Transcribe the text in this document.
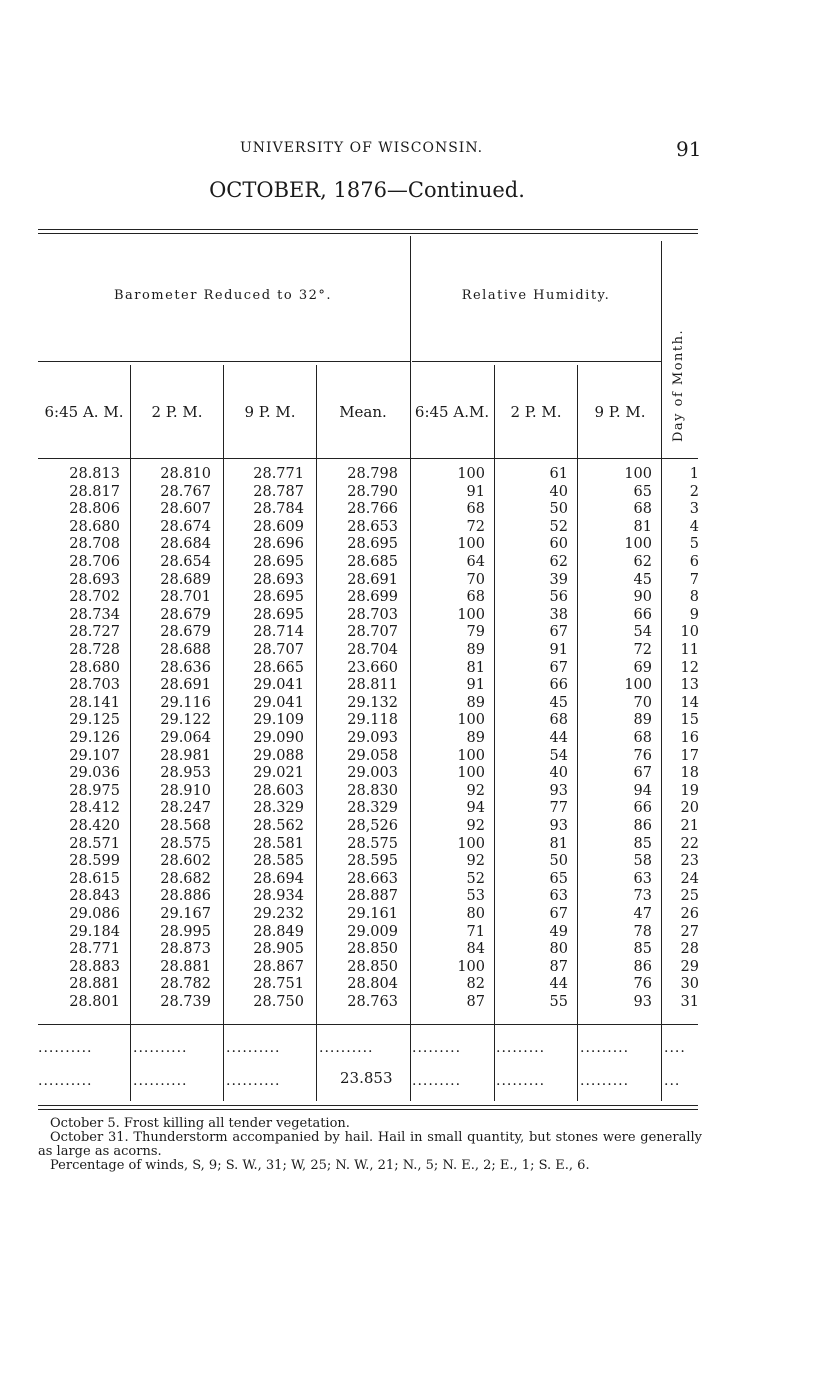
UNIVERSITY OF WISCONSIN.	91
OCTOBER, 1876—Continued.
Barometer Reduced to 32°.	Relative Humidity.
Day of Month.
6:45 A. M.	2 P. M.	9 P. M.	Mean.	6:45 A.M.	2 P. M.	9 P. M.
28.813	28.810	28.771	28.798	100	61	100	1
28.817	28.767	28.787	28.790	91	40	65	2
28.806	28.607	28.784	28.766	68	50	68	3
28.680	28.674	28.609	28.653	72	52	81	4
28.708	28.684	28.696	28.695	100	60	100	5
28.706	28.654	28.695	28.685	64	62	62	6
28.693	28.689	28.693	28.691	70	39	45	7
28.702	28.701	28.695	28.699	68	56	90	8
28.734	28.679	28.695	28.703	100	38	66	9
28.727	28.679	28.714	28.707	79	67	54 10
28.728	28.688	28.707	28.704	89	91	72 11
28.680	28.636	28.665	23.660	81	67	69 12
28.703	28.691	29.041	28.811	91	66	100 13
28.141	29.116	29.041	29.132	89	45	70 14
29.125	29.122	29.109	29.118	100	68	89 15
29.126	29.064	29.090	29.093	89	44	68 16
29.107	28.981	29.088	29.058	100	54	76 17
29.036	28.953	29.021	29.003	100	40	67 18
28.975	28.910	28.603	28.830	92	93	94 19
28.412	28.247	28.329	28.329	94	77	66 20
28.420	28.568	28.562	28,526	92	93	86 21
28.571	28.575	28.581	28.575	100	81	85 22
28.599	28.602	28.585	28.595	92	50	58 23
28.615	28.682	28.694	28.663	52	65	63 24
28.843	28.886	28.934	28.887	53	63	73 25
29.086	29.167	29.232	29.161	80	67	47 26
29.184	28.995	28.849	29.009	71	49	78 27
28.771	28.873	28.905	28.850	84	80	85 28
28.883	28.881	28.867	28.850	100	87	86 29
28.881	28.782	28.751	28.804	82	44	76 30
28.801	28.739	28.750	28.763	87	55	93 31
..........	..........	..........	..........	.........	.........	.........	....
..........	..........	..........	23.853 .........	.........	.........	...
October 5. Frost killing all tender vegetation.
October 31. Thunderstorm accompanied by hail. Hail in small quantity, but stones were generally as large as acorns.
Percentage of winds, S, 9; S. W., 31; W, 25; N. W., 21; N., 5; N. E., 2; E., 1; S. E., 6.
